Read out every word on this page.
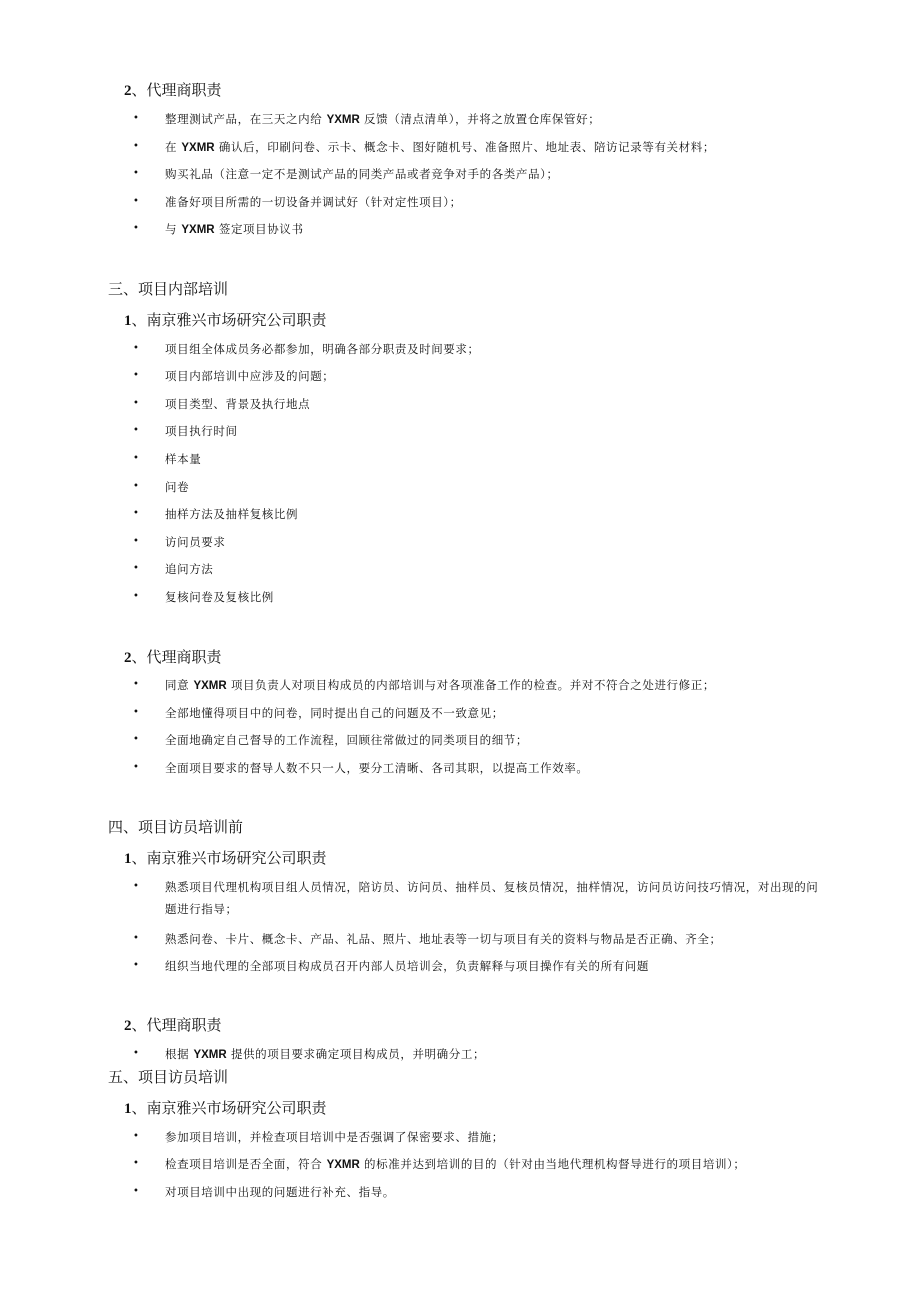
2、代理商职责
• 整理测试产品，在三天之内给 YXMR 反馈（清点清单），并将之放置仓库保管好；
• 在 YXMR 确认后，印刷问卷、示卡、概念卡、图好随机号、准备照片、地址表、陪访记录等有关材料；
• 购买礼品（注意一定不是测试产品的同类产品或者竞争对手的各类产品）；
• 准备好项目所需的一切设备并调试好（针对定性项目）；
• 与 YXMR 签定项目协议书
三、项目内部培训
1、南京雅兴市场研究公司职责
• 项目组全体成员务必都参加，明确各部分职责及时间要求；
• 项目内部培训中应涉及的问题；
• 项目类型、背景及执行地点
• 项目执行时间
• 样本量
• 问卷
• 抽样方法及抽样复核比例
• 访问员要求
• 追问方法
• 复核问卷及复核比例
2、代理商职责
• 同意 YXMR 项目负责人对项目构成员的内部培训与对各项准备工作的检查。并对不符合之处进行修正；
• 全部地懂得项目中的问卷，同时提出自己的问题及不一致意见；
• 全面地确定自己督导的工作流程，回顾往常做过的同类项目的细节；
• 全面项目要求的督导人数不只一人，要分工清晰、各司其职，以提高工作效率。
四、项目访员培训前
1、南京雅兴市场研究公司职责
• 熟悉项目代理机构项目组人员情况，陪访员、访问员、抽样员、复核员情况，抽样情况，访问员访问技巧情况，对出现的问题进行指导；
• 熟悉问卷、卡片、概念卡、产品、礼品、照片、地址表等一切与项目有关的资料与物品是否正确、齐全；
• 组织当地代理的全部项目构成员召开内部人员培训会，负责解释与项目操作有关的所有问题
2、代理商职责
• 根据 YXMR 提供的项目要求确定项目构成员，并明确分工；
五、项目访员培训
1、南京雅兴市场研究公司职责
• 参加项目培训，并检查项目培训中是否强调了保密要求、措施；
• 检查项目培训是否全面，符合 YXMR 的标准并达到培训的目的（针对由当地代理机构督导进行的项目培训）；
• 对项目培训中出现的问题进行补充、指导。
